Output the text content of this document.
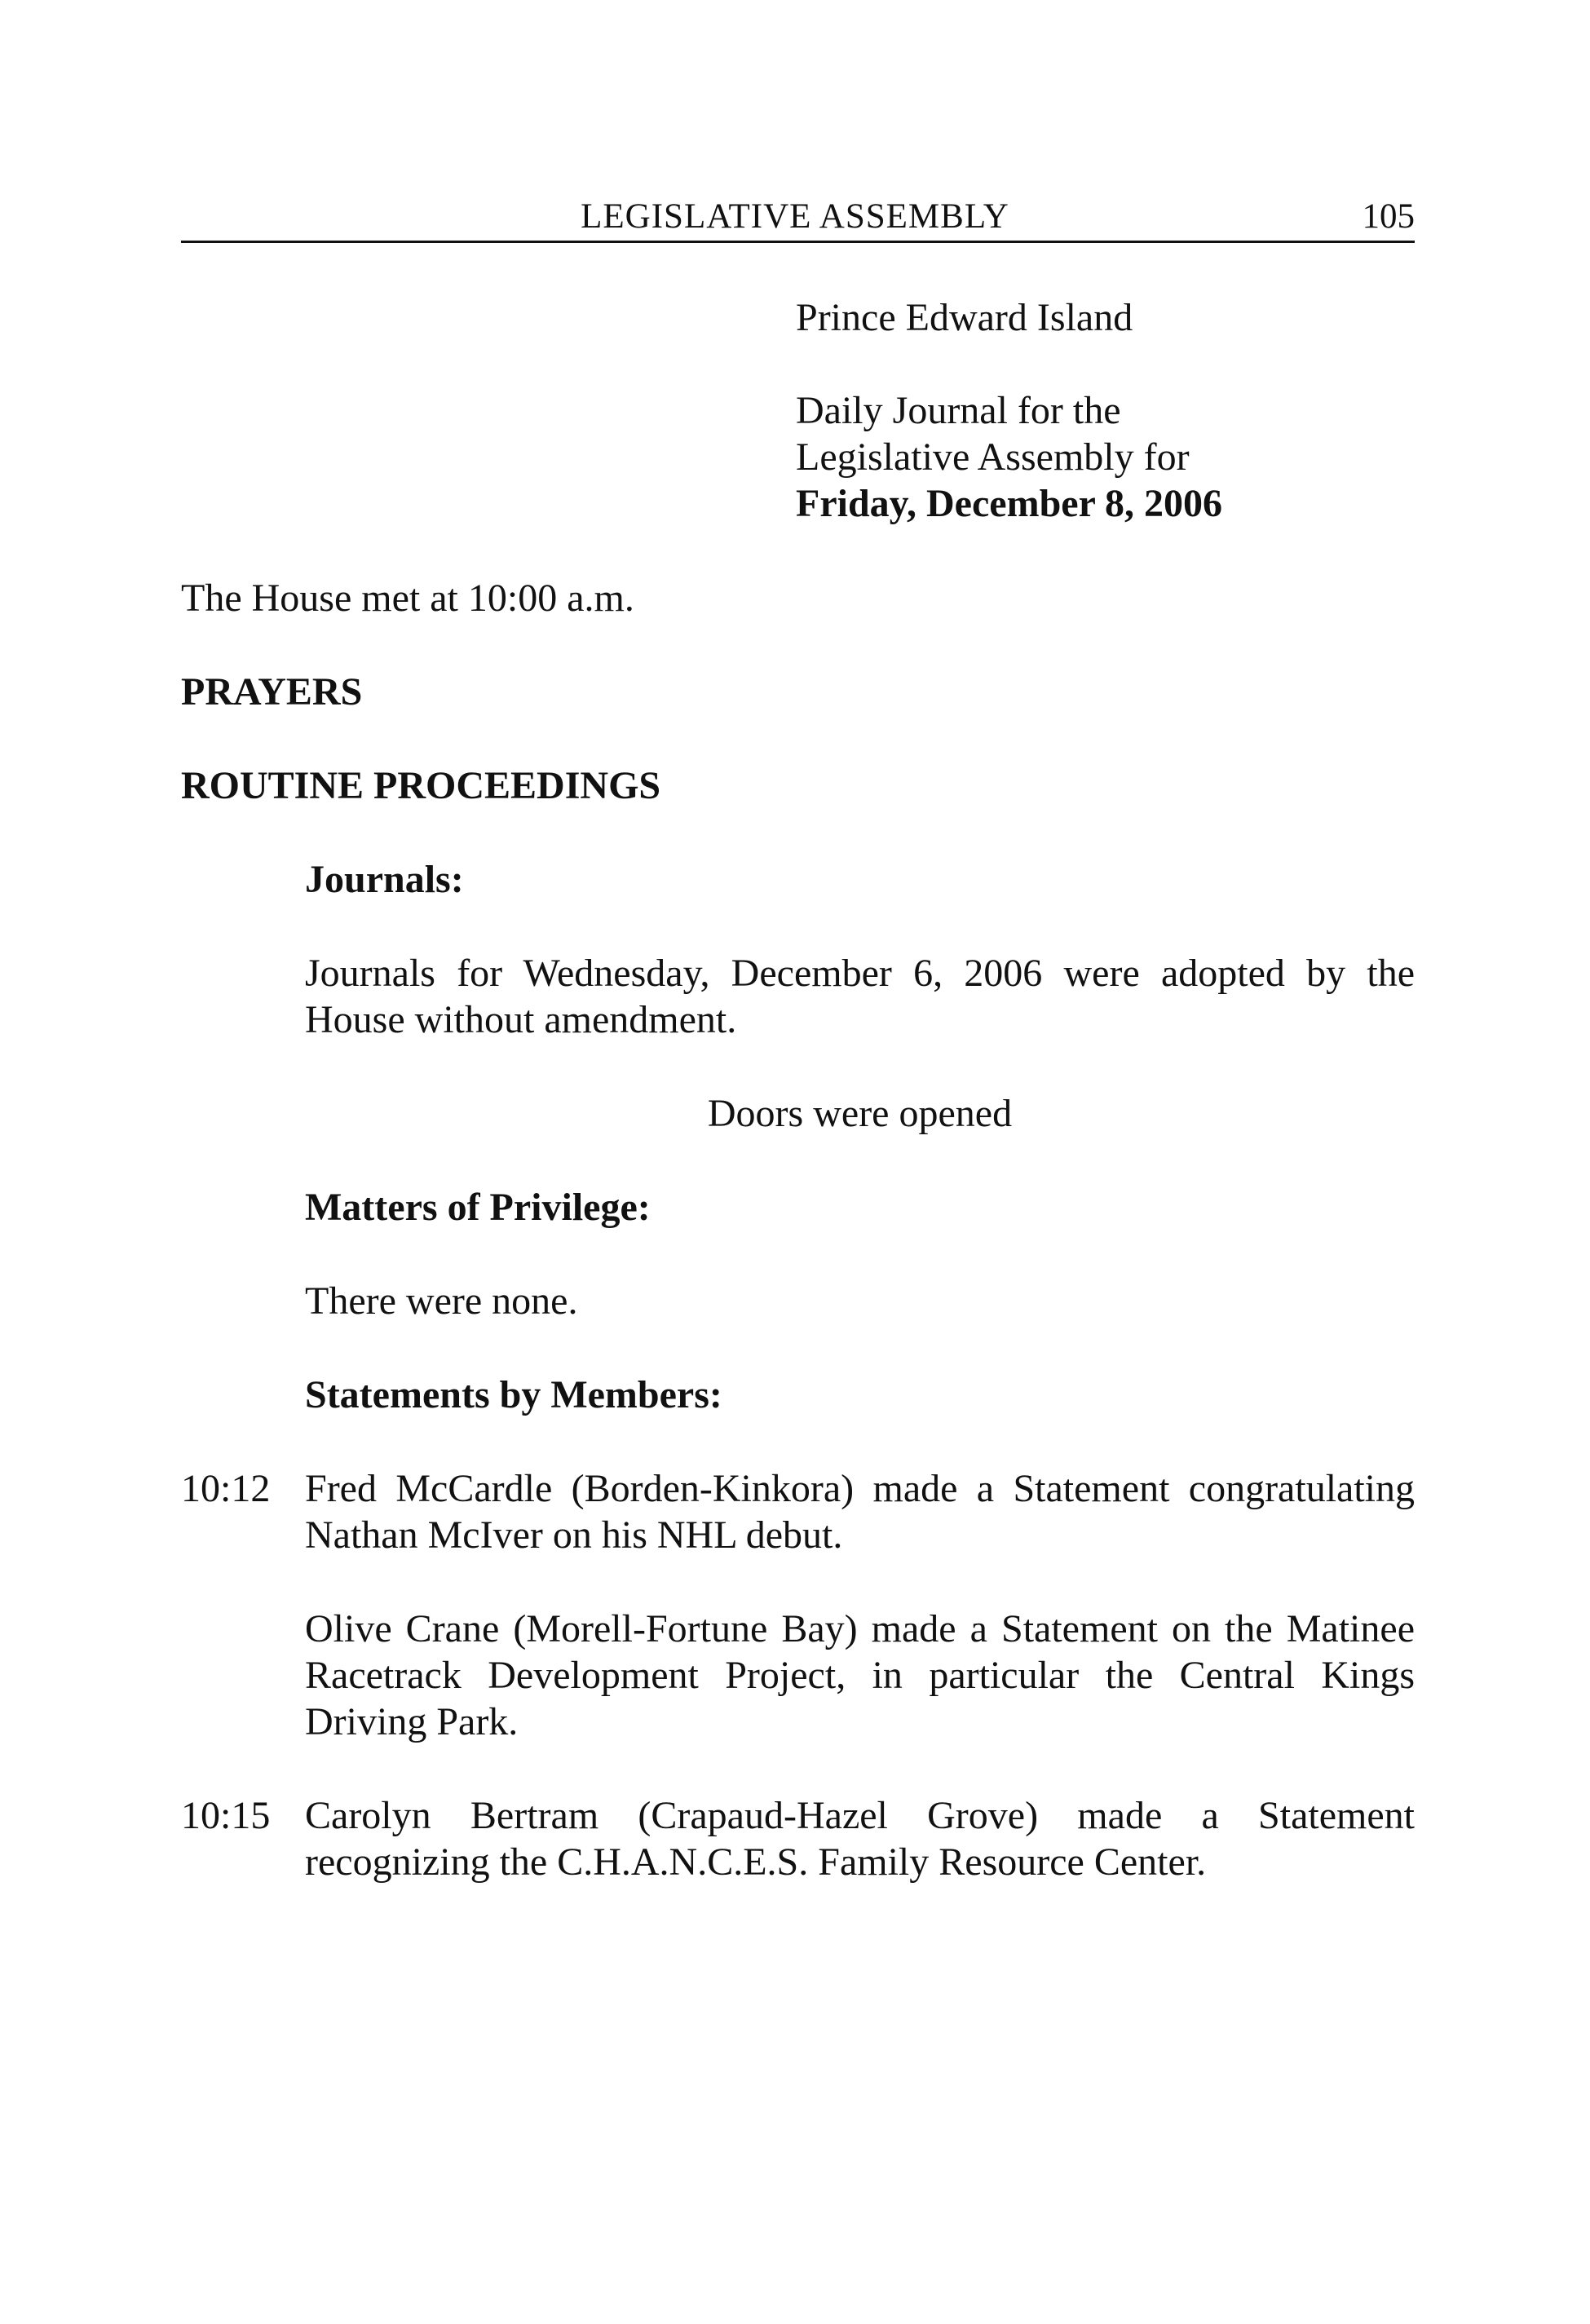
LEGISLATIVE ASSEMBLY	105
Prince Edward Island
Daily Journal for the
Legislative Assembly for
Friday, December 8, 2006
The House met at 10:00 a.m.
PRAYERS
ROUTINE PROCEEDINGS
Journals:
Journals for Wednesday, December 6, 2006 were adopted by the House without amendment.
Doors were opened
Matters of Privilege:
There were none.
Statements by Members:
10:12 Fred McCardle (Borden-Kinkora) made a Statement congratulating Nathan McIver on his NHL debut.
Olive Crane (Morell-Fortune Bay) made a Statement on the Matinee Racetrack Development Project, in particular the Central Kings Driving Park.
10:15 Carolyn Bertram (Crapaud-Hazel Grove) made a Statement recognizing the C.H.A.N.C.E.S. Family Resource Center.
